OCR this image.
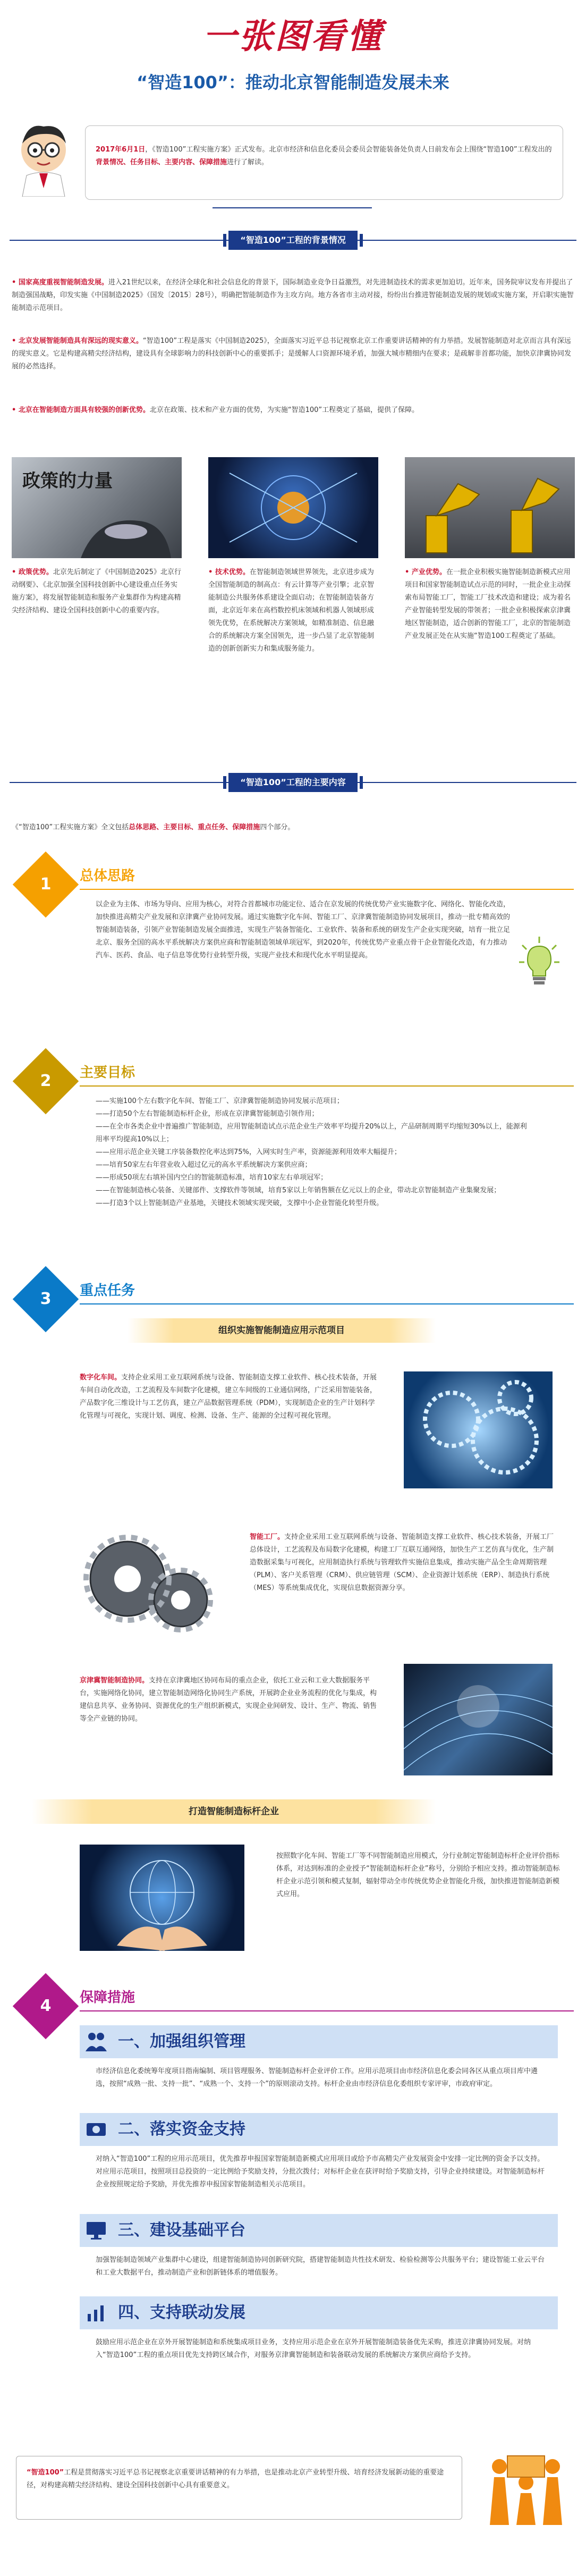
一张图看懂
“智造100”：推动北京智能制造发展未来
2017年6月1日，《智造100”工程实施方案》正式发布。北京市经济和信息化委员会委员会智能装备处负责人日前发布会上围绕“智造100”工程发出的背景情况、任务目标、主要内容、保障措施进行了解读。
“智造100”工程的背景情况
• 国家高度重视智能制造发展。进入21世纪以来，在经济全球化和社会信息化的背景下，国际制造业竞争日益激烈，对先进制造技术的需求更加迫切。近年来，国务院审议发布并提出了制造强国战略，印发实施《中国制造2025》（国发〔2015〕28号），明确把智能制造作为主攻方向。地方各省市主动对接，纷纷出台推进智能制造发展的规划或实施方案，开启职实施智能制造示范项目。
• 北京发展智能制造具有深远的现实意义。“智造100”工程是落实《中国制造2025》，全面落实习近平总书记视察北京工作重要讲话精神的有力举措。发展智能制造对北京而言具有深远的现实意义。它是构建高精尖经济结构，建设具有全球影响力的科技创新中心的重要抓手；是缓解人口资源环境矛盾，加强大城市精细内在要求；是疏解非首都功能，加快京津冀协同发展的必然选择。
• 北京在智能制造方面具有较强的创新优势。北京在政策、技术和产业方面的优势，为实施“智造100”工程奠定了基础，提供了保障。
政策的力量
• 政策优势。北京先后制定了《中国制造2025》北京行动纲要》、《北京加强全国科技创新中心建设重点任务实施方案》，将发展智能制造和服务产业集群作为构建高精尖经济结构、建设全国科技创新中心的重要内容。
• 技术优势。在智能制造领域世界领先，北京进步成为全国智能制造的制高点：有云计算等产业引擎；北京智能制造公共服务体系建设全面启动；在智能制造装备方面，北京近年来在高档数控机床领域和机器人领域形成领先优势，在系统解决方案领域，如精准制造、信息融合的系统解决方案全国领先，进一步凸显了北京智能制造的创新创新实力和集成服务能力。
• 产业优势。在一批企业积极实施智能制造新模式应用项目和国家智能制造试点示范的同时，一批企业主动探索布局智能工厂，智能工厂技术改造和建设；成为着名产业智能转型发展的带领者；一批企业积极探索京津冀地区智能制造，适合创新的智能工厂，北京的智能制造产业发展正处在从实施“智造100工程奠定了基础。
“智造100”工程的主要内容
《“智造100”工程实施方案》全文包括总体思路、主要目标、重点任务、保障措施四个部分。
1	总体思路
以企业为主体、市场为导向、应用为核心，对符合首都城市功能定位、适合在京发展的传统优势产业实施数字化、网络化、智能化改造，加快推进高精尖产业发展和京津冀产业协同发展。通过实施数字化车间、智能工厂、京津冀智能制造协同发展项目，推动一批专精高效的智能制造装备，引领产业智能制造发展全面推进，实现生产装备智能化、工业软件、装备和系统的研发生产企业实现突破，培育一批立足北京、服务全国的高水平系统解决方案供应商和智能制造领域单项冠军，到2020年，传统优势产业重点骨干企业智能化改造，有力推动汽车、医药、食品、电子信息等优势行业转型升级，实现产业技术和现代化水平明显提高。
2	主要目标
——实施100个左右数字化车间、智能工厂、京津冀智能制造协同发展示范项目；
——打造50个左右智能制造标杆企业，形成在京津冀智能制造引领作用；
——在全市各类企业中普遍推广智能制造，应用智能制造试点示范企业生产效率平均提升20%以上，产品研制周期平均缩短30%以上，能源利用率平均提高10%以上；
——应用示范企业关键工序装备数控化率达到75%，入网实时生产率，资源能源利用效率大幅提升；
——培育50家左右年营业收入超过亿元的高水平系统解决方案供应商；
——形成50项左右填补国内空白的智能制造标准，培育10家左右单项冠军；
——在智能制造核心装备、关键部件、支撑软件等领域，培育5家以上年销售额在亿元以上的企业，带动北京智能制造产业集聚发展；
——打造3个以上智能制造产业基地，关键技术领域实现突破，支撑中小企业智能化转型升级。
3	重点任务
组织实施智能制造应用示范项目
数字化车间。支持企业采用工业互联网系统与设备、智能制造支撑工业软件、核心技术装备，开展车间自动化改造，工艺流程及车间数字化建模，建立车间级的工业通信网络，广泛采用智能装备，产品数字化三维设计与工艺仿真，建立产品数据管理系统（PDM），实现制造企业的生产计划科学化管理与可视化，实现计划、调度、检测、设备、生产、能源的全过程可视化管理。
智能工厂。支持企业采用工业互联网系统与设备、智能制造支撑工业软件、核心技术装备，开展工厂总体设计，工艺流程及布局数字化建模，构建工厂互联互通网络，加快生产工艺仿真与优化，生产制造数据采集与可视化，应用制造执行系统与管理软件实施信息集成，推动实施产品全生命周期管理（PLM）、客户关系管理（CRM）、供应链管理（SCM）、企业资源计划系统（ERP）、制造执行系统（MES）等系统集成优化，实现信息数据资源分享。
京津冀智能制造协同。支持在京津冀地区协同布局的重点企业，依托工业云和工业大数据服务平台，实施网络化协同，建立智能制造网络化协同生产系统，开展跨企业业务流程的优化与集成，构建信息共享、业务协同、资源优化的生产组织新模式，实现企业间研发、设计、生产、物流、销售等全产业链的协同。
打造智能制造标杆企业
按照数字化车间、智能工厂等不同智能制造应用模式，分行业制定智能制造标杆企业评价指标体系，对达到标准的企业授予“智能制造标杆企业”称号，分别给予相应支持。推动智能制造标杆企业示范引领和模式复制，辐射带动全市传统优势企业智能化升级，加快推进智能制造新模式应用。
4	保障措施
一、加强组织管理
市经济信息化委统筹年度项目指南编制、项目管理服务、智能制造标杆企业评价工作。应用示范项目由市经济信息化委会同各区从重点项目库中遴选，按照“成熟一批、支持一批”、“成熟一个、支持一个”的原则滚动支持。标杆企业由市经济信息化委组织专家评审，市政府审定。
二、落实资金支持
对纳入“智造100”工程的应用示范项目，优先推荐申报国家智能制造新模式应用项目或给予市高精尖产业发展资金中安排一定比例的资金予以支持。对应用示范项目，按照项目总投资的一定比例给予奖励支持，分批次拨付；对标杆企业在获评时给予奖励支持，引导企业持续建设。对智能制造标杆企业按照规定给予奖励，并优先推荐申报国家智能制造相关示范项目。
三、建设基础平台
加强智能制造领域产业集群中心建设，组建智能制造协同创新研究院，搭建智能制造共性技术研发、检验检测等公共服务平台；建设智能工业云平台和工业大数据平台，推动制造产业和创新链体系的增值服务。
四、支持联动发展
鼓励应用示范企业在京外开展智能制造和系统集成项目业务，支持应用示范企业在京外开展智能制造装备优先采购，推进京津冀协同发展。对纳入“智造100”工程的重点项目优先支持跨区域合作，对服务京津冀智能制造和装备联动发展的系统解决方案供应商给予支持。
“智造100”工程是贯彻落实习近平总书记视察北京重要讲话精神的有力举措，也是推动北京产业转型升级、培育经济发展新动能的重要途径，对构建高精尖经济结构、建设全国科技创新中心具有重要意义。
